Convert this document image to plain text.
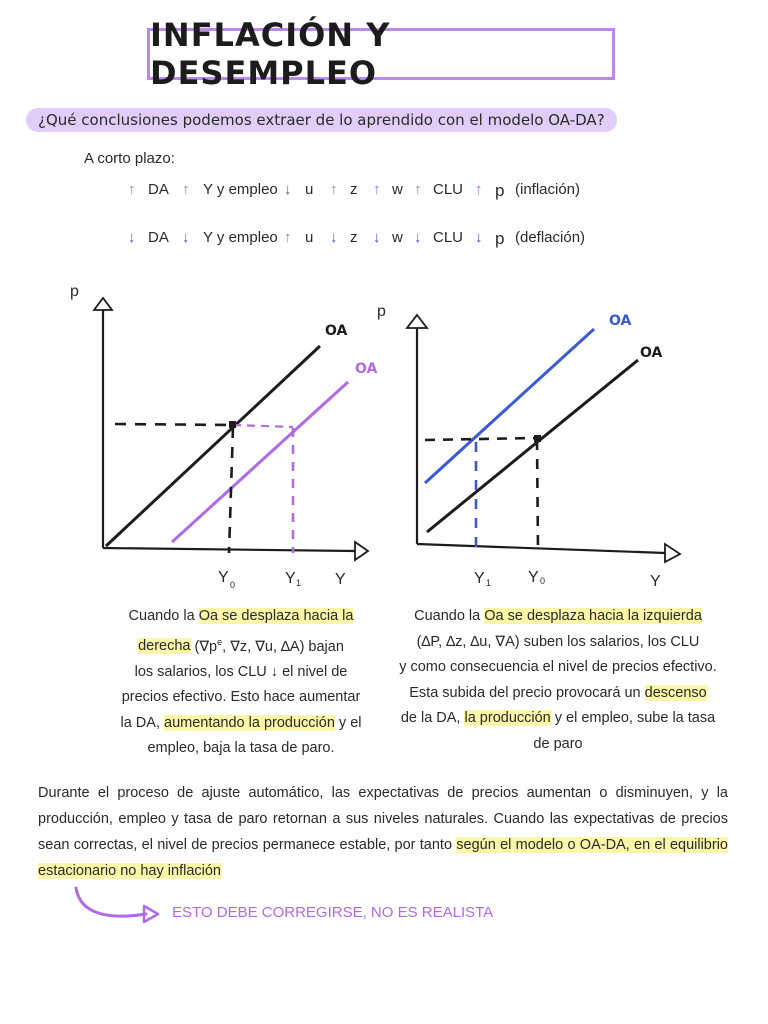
INFLACIÓN Y DESEMPLEO
¿Qué conclusiones podemos extraer de lo aprendido con el modelo OA-DA?
A corto plazo:
↑ DA ↑ Y y empleo ↓ u ↑ z ↑ w ↑ CLU ↑ p (inflación)
↓ DA ↓ Y y empleo ↑ u ↓ z ↓ w ↓ CLU ↓ p (deflación)
p
Y
Y 0	Y 1
OA
OA
p
Y
Y 1 Y 0
OA
OA
Cuando la Oa se desplaza hacia la
derecha ($\nabla p^e$, ∇z, ∇u, ∆A) bajan
los salarios, los CLU ↓ el nivel de
precios efectivo. Esto hace aumentar
la DA, aumentando la producción y el
empleo, baja la tasa de paro.
Cuando la Oa se desplaza hacia la izquierda
(∆P, ∆z, ∆u, ∇A) suben los salarios, los CLU
y como consecuencia el nivel de precios efectivo.
Esta subida del precio provocará un descenso
de la DA, la producción y el empleo, sube la tasa
de paro
Durante el proceso de ajuste automático, las expectativas de precios aumentan o disminuyen, y la producción, empleo y tasa de paro retornan a sus niveles naturales. Cuando las expectativas de precios sean correctas, el nivel de precios permanece estable, por tanto según el modelo o OA-DA, en el equilibrio estacionario no hay inflación
ESTO DEBE CORREGIRSE, NO ES REALISTA
